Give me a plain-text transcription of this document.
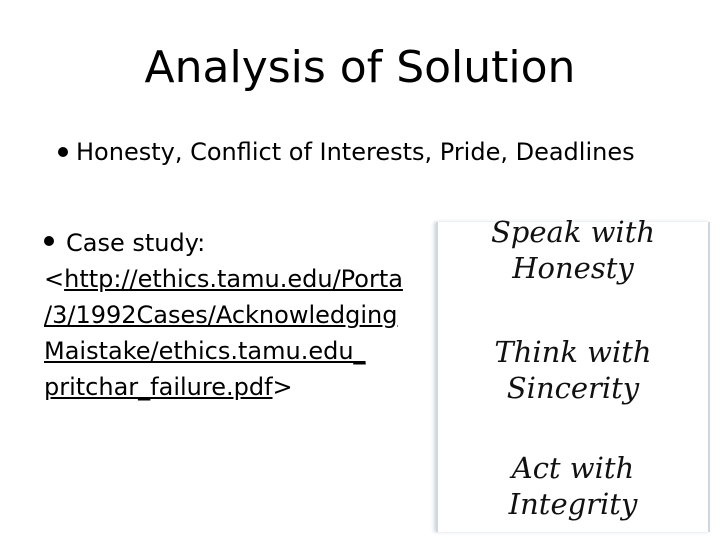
Analysis of Solution
Honesty, Conflict of Interests, Pride, Deadlines
Case study:
<http://ethics.tamu.edu/Porta
/3/1992Cases/Acknowledging
Maistake/ethics.tamu.edu_
pritchar_failure.pdf>
Speak with
Honesty
Think with
Sincerity
Act with
Integrity
